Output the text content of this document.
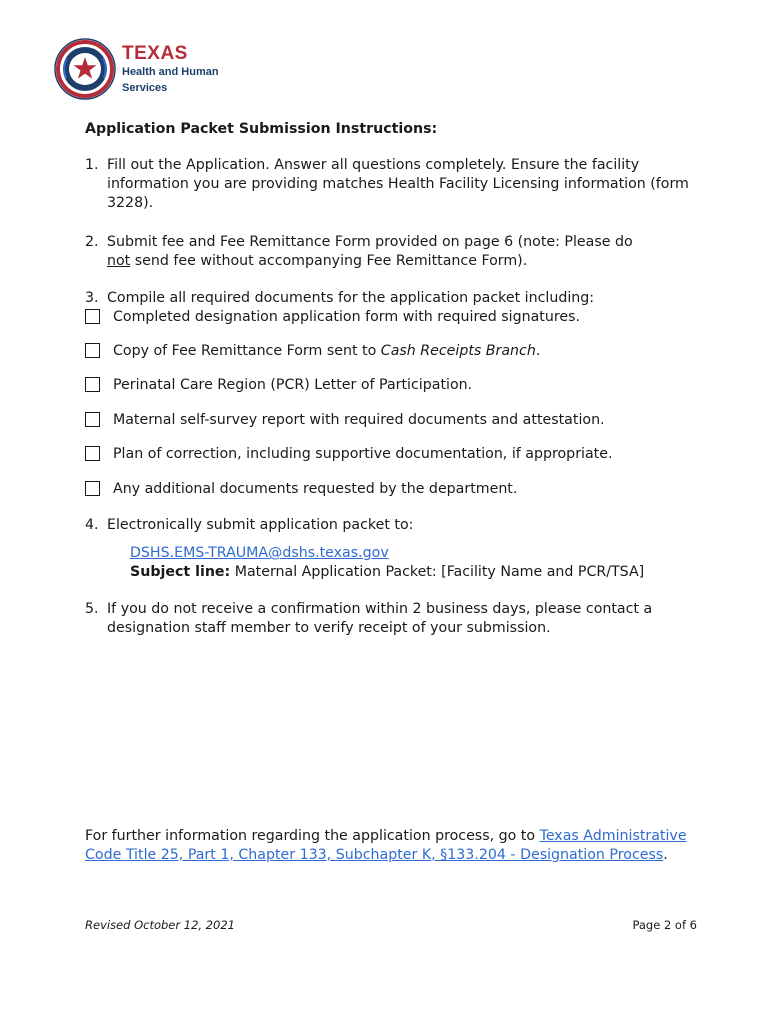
TEXAS
Health and Human
Services
Application Packet Submission Instructions:
1. Fill out the Application. Answer all questions completely. Ensure the facility information you are providing matches Health Facility Licensing information (form 3228).
2. Submit fee and Fee Remittance Form provided on page 6 (note: Please do
not send fee without accompanying Fee Remittance Form).
3. Compile all required documents for the application packet including:
Completed designation application form with required signatures.
Copy of Fee Remittance Form sent to Cash Receipts Branch.
Perinatal Care Region (PCR) Letter of Participation.
Maternal self-survey report with required documents and attestation.
Plan of correction, including supportive documentation, if appropriate.
Any additional documents requested by the department.
4. Electronically submit application packet to:
DSHS.EMS-TRAUMA@dshs.texas.gov
Subject line: Maternal Application Packet: [Facility Name and PCR/TSA]
5. If you do not receive a confirmation within 2 business days, please contact a designation staff member to verify receipt of your submission.
For further information regarding the application process, go to Texas Administrative Code Title 25, Part 1, Chapter 133, Subchapter K, §133.204 - Designation Process.
Revised October 12, 2021	Page 2 of 6
